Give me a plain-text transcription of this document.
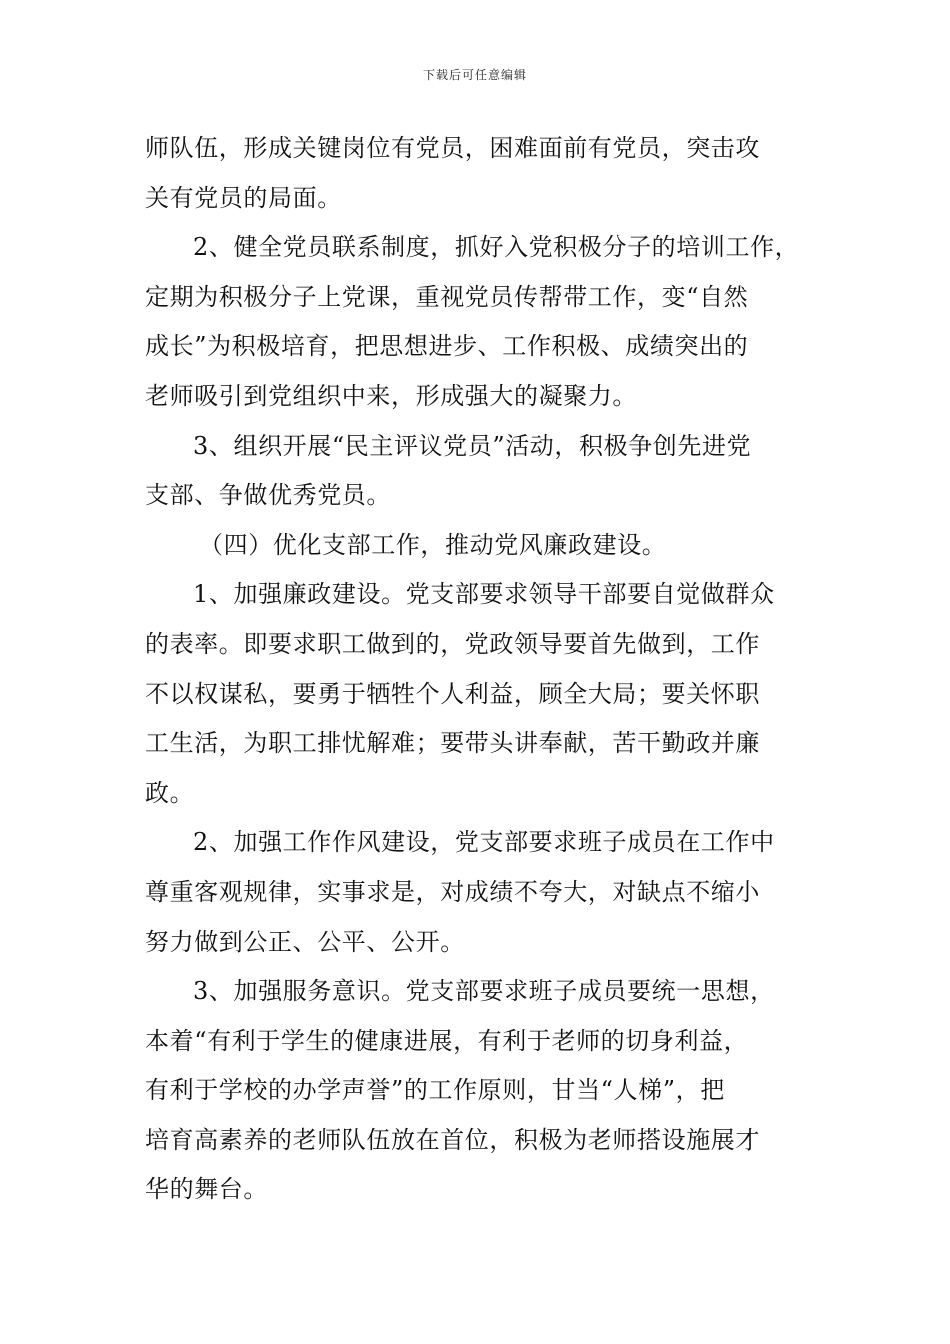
下载后可任意编辑
师队伍，形成关键岗位有党员，困难面前有党员，突击攻
关有党员的局面。
2、健全党员联系制度，抓好入党积极分子的培训工作，
定期为积极分子上党课，重视党员传帮带工作，变“自然
成长”为积极培育，把思想进步、工作积极、成绩突出的
老师吸引到党组织中来，形成强大的凝聚力。
3、组织开展“民主评议党员”活动，积极争创先进党
支部、争做优秀党员。
（四）优化支部工作，推动党风廉政建设。
1、加强廉政建设。党支部要求领导干部要自觉做群众
的表率。即要求职工做到的，党政领导要首先做到，工作
不以权谋私，要勇于牺牲个人利益，顾全大局；要关怀职
工生活，为职工排忧解难；要带头讲奉献，苦干勤政并廉
政。
2、加强工作作风建设，党支部要求班子成员在工作中
尊重客观规律，实事求是，对成绩不夸大，对缺点不缩小
努力做到公正、公平、公开。
3、加强服务意识。党支部要求班子成员要统一思想，
本着“有利于学生的健康进展，有利于老师的切身利益，
有利于学校的办学声誉”的工作原则，甘当“人梯”，把
培育高素养的老师队伍放在首位，积极为老师搭设施展才
华的舞台。
